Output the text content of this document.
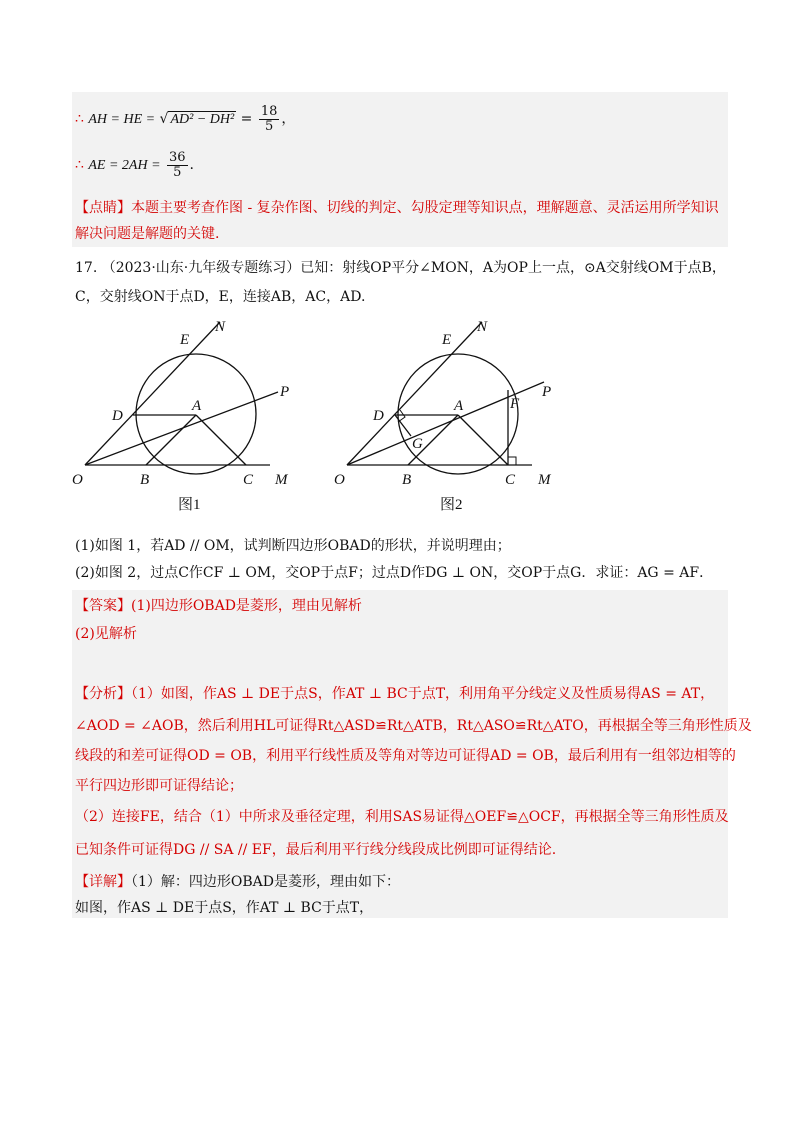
∴ AH = HE = √ $AD^2 - DH^2 = \frac{18}{5}$ ，
∴ AE = $2AH = \frac{36}{5}$ .
【点睛】本题主要考查作图 - 复杂作图、切线的判定、勾股定理等知识点，理解题意、灵活运用所学知识
解决问题是解题的关键.
17. （2023·山东·九年级专题练习）已知：射线OP平分∠MON，A为OP上一点，⊙A交射线OM于点B，
C，交射线ON于点D，E，连接AB，AC，AD.
N
E
P
D
A
O	B	C M
图1
N
E
P
F
D
A
G
O	B	C M
图2
(1)如图 1，若AD // OM，试判断四边形OBAD的形状，并说明理由；
(2)如图 2，过点C作CF ⊥ OM，交OP于点F；过点D作DG ⊥ ON，交OP于点G．求证：AG = AF．
【答案】(1)四边形OBAD是菱形，理由见解析
(2)见解析
【分析】（1）如图，作AS ⊥ DE于点S，作AT ⊥ BC于点T，利用角平分线定义及性质易得AS = AT，
∠AOD = ∠AOB，然后利用HL可证得Rt△ASD≌Rt△ATB，Rt△ASO≌Rt△ATO，再根据全等三角形性质及
线段的和差可证得OD = OB，利用平行线性质及等角对等边可证得AD = OB，最后利用有一组邻边相等的
平行四边形即可证得结论；
（2）连接FE，结合（1）中所求及垂径定理，利用SAS易证得△OEF≌△OCF，再根据全等三角形性质及
已知条件可证得DG // SA // EF，最后利用平行线分线段成比例即可证得结论.
【详解】（1）解：四边形OBAD是菱形，理由如下：
如图，作AS ⊥ DE于点S，作AT ⊥ BC于点T，
